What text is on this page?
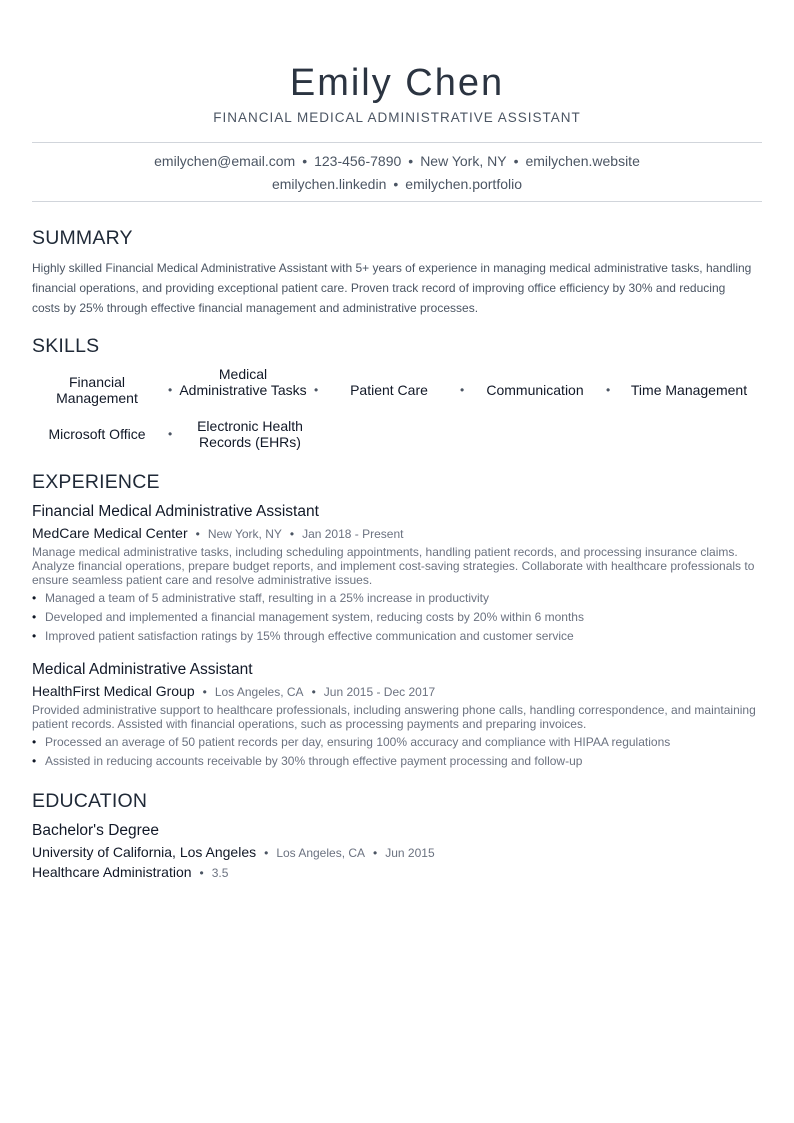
Emily Chen
FINANCIAL MEDICAL ADMINISTRATIVE ASSISTANT
emilychen@email.com • 123-456-7890 • New York, NY • emilychen.website
emilychen.linkedin • emilychen.portfolio
SUMMARY
Highly skilled Financial Medical Administrative Assistant with 5+ years of experience in managing medical administrative tasks, handling financial operations, and providing exceptional patient care. Proven track record of improving office efficiency by 30% and reducing costs by 25% through effective financial management and administrative processes.
SKILLS
Financial Management	•
Medical Administrative Tasks •	Patient Care	•	Communication	•	Time Management
Microsoft Office	•	Electronic Health Records (EHRs)
EXPERIENCE
Financial Medical Administrative Assistant
MedCare Medical Center • New York, NY • Jan 2018 - Present
Manage medical administrative tasks, including scheduling appointments, handling patient records, and processing insurance claims. Analyze financial operations, prepare budget reports, and implement cost-saving strategies. Collaborate with healthcare professionals to ensure seamless patient care and resolve administrative issues.
• Managed a team of 5 administrative staff, resulting in a 25% increase in productivity
• Developed and implemented a financial management system, reducing costs by 20% within 6 months
• Improved patient satisfaction ratings by 15% through effective communication and customer service
Medical Administrative Assistant
HealthFirst Medical Group • Los Angeles, CA • Jun 2015 - Dec 2017
Provided administrative support to healthcare professionals, including answering phone calls, handling correspondence, and maintaining patient records. Assisted with financial operations, such as processing payments and preparing invoices.
• Processed an average of 50 patient records per day, ensuring 100% accuracy and compliance with HIPAA regulations
• Assisted in reducing accounts receivable by 30% through effective payment processing and follow-up
EDUCATION
Bachelor's Degree
University of California, Los Angeles • Los Angeles, CA • Jun 2015
Healthcare Administration • 3.5
